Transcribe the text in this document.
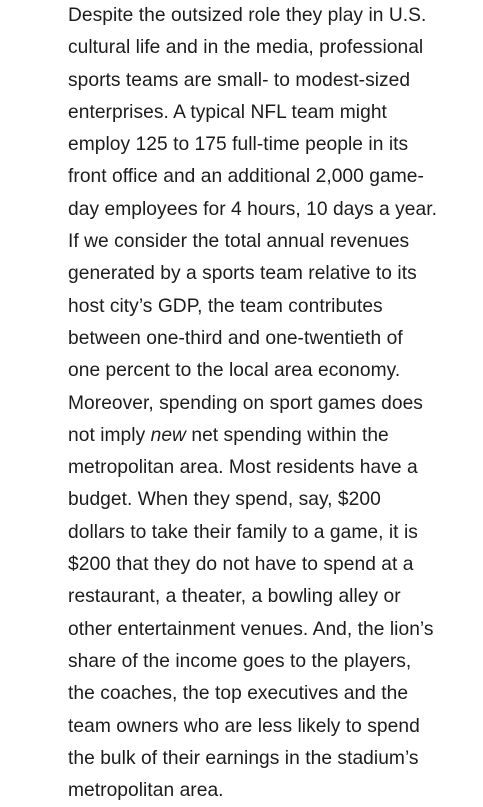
Despite the outsized role they play in U.S.
cultural life and in the media, professional
sports teams are small- to modest-sized
enterprises. A typical NFL team might
employ 125 to 175 full-time people in its
front office and an additional 2,000 game-
day employees for 4 hours, 10 days a year.
If we consider the total annual revenues
generated by a sports team relative to its
host city’s GDP, the team contributes
between one-third and one-twentieth of
one percent to the local area economy.
Moreover, spending on sport games does
not imply new net spending within the
metropolitan area. Most residents have a
budget. When they spend, say, $200
dollars to take their family to a game, it is
$200 that they do not have to spend at a
restaurant, a theater, a bowling alley or
other entertainment venues. And, the lion’s
share of the income goes to the players,
the coaches, the top executives and the
team owners who are less likely to spend
the bulk of their earnings in the stadium’s
metropolitan area.
